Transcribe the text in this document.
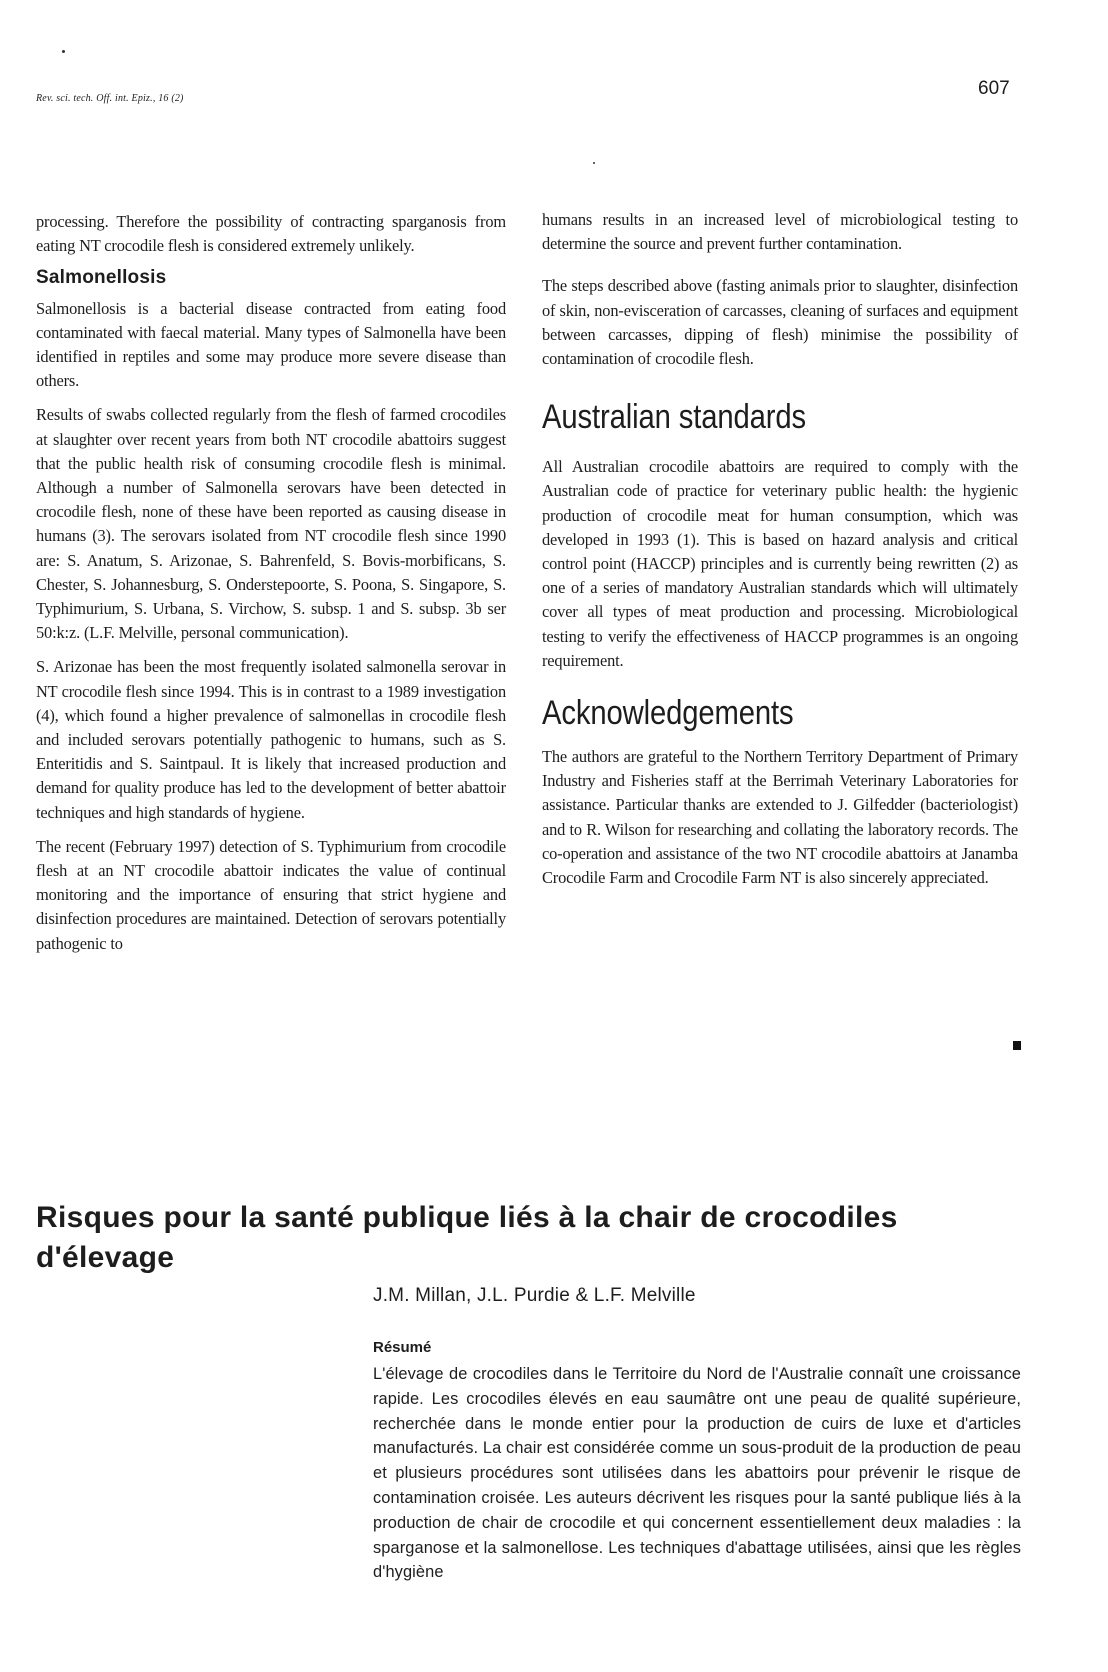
Rev. sci. tech. Off. int. Epiz., 16 (2)	607

processing. Therefore the possibility of contracting sparganosis from eating NT crocodile flesh is considered extremely unlikely.

Salmonellosis

Salmonellosis is a bacterial disease contracted from eating food contaminated with faecal material. Many types of Salmonella have been identified in reptiles and some may produce more severe disease than others.

Results of swabs collected regularly from the flesh of farmed crocodiles at slaughter over recent years from both NT crocodile abattoirs suggest that the public health risk of consuming crocodile flesh is minimal. Although a number of Salmonella serovars have been detected in crocodile flesh, none of these have been reported as causing disease in humans (3). The serovars isolated from NT crocodile flesh since 1990 are: S. Anatum, S. Arizonae, S. Bahrenfeld, S. Bovis-morbificans, S. Chester, S. Johannesburg, S. Onderstepoorte, S. Poona, S. Singapore, S. Typhimurium, S. Urbana, S. Virchow, S. subsp. 1 and S. subsp. 3b ser 50:k:z. (L.F. Melville, personal communication).

S. Arizonae has been the most frequently isolated salmonella serovar in NT crocodile flesh since 1994. This is in contrast to a 1989 investigation (4), which found a higher prevalence of salmonellas in crocodile flesh and included serovars potentially pathogenic to humans, such as S. Enteritidis and S. Saintpaul. It is likely that increased production and demand for quality produce has led to the development of better abattoir techniques and high standards of hygiene.

The recent (February 1997) detection of S. Typhimurium from crocodile flesh at an NT crocodile abattoir indicates the value of continual monitoring and the importance of ensuring that strict hygiene and disinfection procedures are maintained. Detection of serovars potentially pathogenic to

humans results in an increased level of microbiological testing to determine the source and prevent further contamination.

The steps described above (fasting animals prior to slaughter, disinfection of skin, non-evisceration of carcasses, cleaning of surfaces and equipment between carcasses, dipping of flesh) minimise the possibility of contamination of crocodile flesh.

Australian standards

All Australian crocodile abattoirs are required to comply with the Australian code of practice for veterinary public health: the hygienic production of crocodile meat for human consumption, which was developed in 1993 (1). This is based on hazard analysis and critical control point (HACCP) principles and is currently being rewritten (2) as one of a series of mandatory Australian standards which will ultimately cover all types of meat production and processing. Microbiological testing to verify the effectiveness of HACCP programmes is an ongoing requirement.

Acknowledgements

The authors are grateful to the Northern Territory Department of Primary Industry and Fisheries staff at the Berrimah Veterinary Laboratories for assistance. Particular thanks are extended to J. Gilfedder (bacteriologist) and to R. Wilson for researching and collating the laboratory records. The co-operation and assistance of the two NT crocodile abattoirs at Janamba Crocodile Farm and Crocodile Farm NT is also sincerely appreciated.

Risques pour la santé publique liés à la chair de crocodiles d'élevage
J.M. Millan, J.L. Purdie & L.F. Melville
Résumé

L'élevage de crocodiles dans le Territoire du Nord de l'Australie connaît une croissance rapide. Les crocodiles élevés en eau saumâtre ont une peau de qualité supérieure, recherchée dans le monde entier pour la production de cuirs de luxe et d'articles manufacturés. La chair est considérée comme un sous-produit de la production de peau et plusieurs procédures sont utilisées dans les abattoirs pour prévenir le risque de contamination croisée. Les auteurs décrivent les risques pour la santé publique liés à la production de chair de crocodile et qui concernent essentiellement deux maladies : la sparganose et la salmonellose. Les techniques d'abattage utilisées, ainsi que les règles d'hygiène
